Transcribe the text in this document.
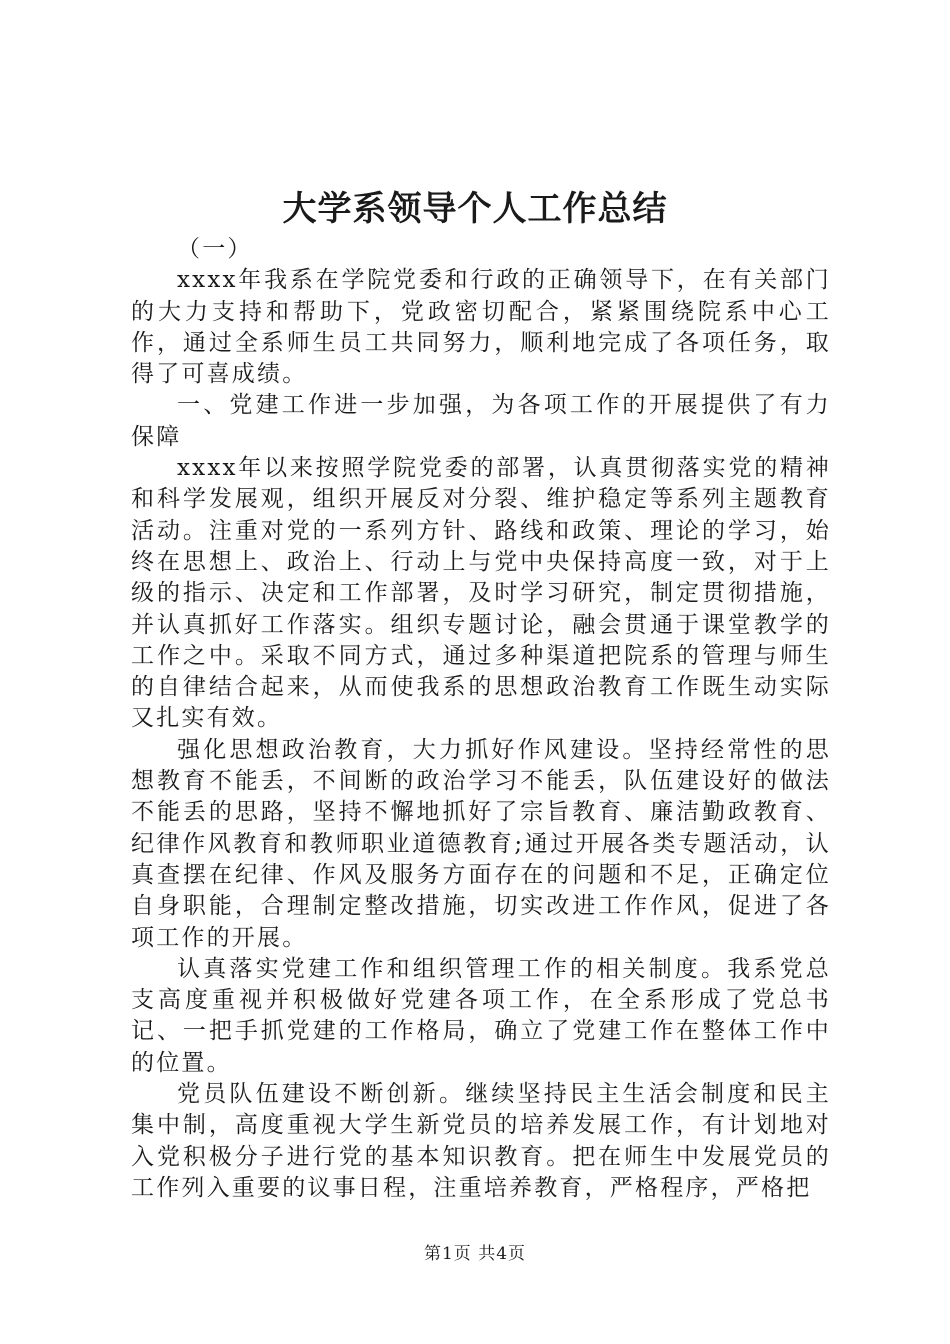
大学系领导个人工作总结

（一）

xxxx年我系在学院党委和行政的正确领导下，在有关部门的大力支持和帮助下，党政密切配合，紧紧围绕院系中心工作，通过全系师生员工共同努力，顺利地完成了各项任务，取得了可喜成绩。

一、党建工作进一步加强，为各项工作的开展提供了有力保障

xxxx年以来按照学院党委的部署，认真贯彻落实党的精神和科学发展观，组织开展反对分裂、维护稳定等系列主题教育活动。注重对党的一系列方针、路线和政策、理论的学习，始终在思想上、政治上、行动上与党中央保持高度一致，对于上级的指示、决定和工作部署，及时学习研究，制定贯彻措施，并认真抓好工作落实。组织专题讨论，融会贯通于课堂教学的工作之中。采取不同方式，通过多种渠道把院系的管理与师生的自律结合起来，从而使我系的思想政治教育工作既生动实际又扎实有效。

强化思想政治教育，大力抓好作风建设。坚持经常性的思想教育不能丢，不间断的政治学习不能丢，队伍建设好的做法不能丢的思路，坚持不懈地抓好了宗旨教育、廉洁勤政教育、纪律作风教育和教师职业道德教育;通过开展各类专题活动，认真查摆在纪律、作风及服务方面存在的问题和不足，正确定位自身职能，合理制定整改措施，切实改进工作作风，促进了各项工作的开展。

认真落实党建工作和组织管理工作的相关制度。我系党总支高度重视并积极做好党建各项工作，在全系形成了党总书记、一把手抓党建的工作格局，确立了党建工作在整体工作中的位置。

党员队伍建设不断创新。继续坚持民主生活会制度和民主集中制，高度重视大学生新党员的培养发展工作，有计划地对入党积极分子进行党的基本知识教育。把在师生中发展党员的工作列入重要的议事日程，注重培养教育，严格程序，严格把

第1页 共4页
